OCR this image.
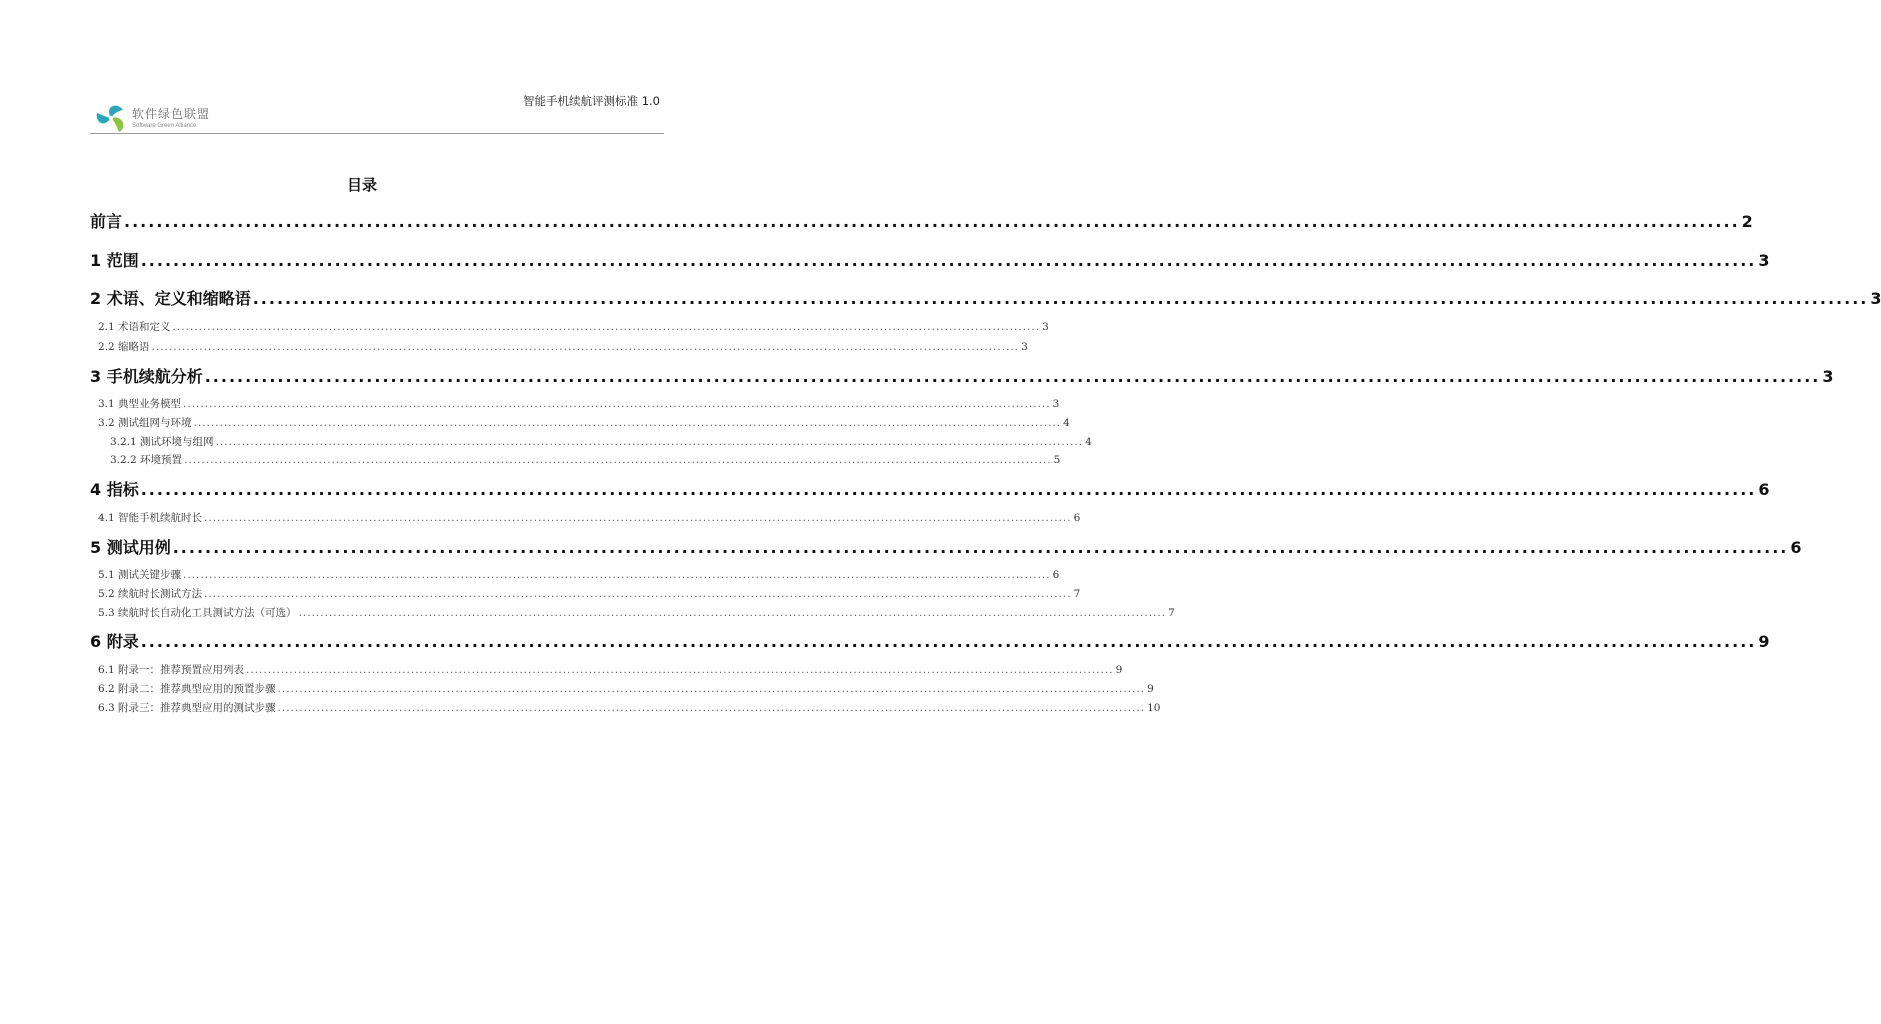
软件绿色联盟
Software Green Alliance
智能手机续航评测标准 1.0
目录
前言 ........................................................................................................................................................................................................ 2
1 范围 ........................................................................................................................................................................................................ 3
2 术语、定义和缩略语 ........................................................................................................................................................................................................ 3
2.1 术语和定义 ........................................................................................................................................................................................................ 3
2.2 缩略语 ........................................................................................................................................................................................................ 3
3 手机续航分析 ........................................................................................................................................................................................................ 3
3.1 典型业务模型 ........................................................................................................................................................................................................ 3
3.2 测试组网与环境 ........................................................................................................................................................................................................ 4
3.2.1 测试环境与组网 ........................................................................................................................................................................................................ 4
3.2.2 环境预置 ........................................................................................................................................................................................................ 5
4 指标 ........................................................................................................................................................................................................ 6
4.1 智能手机续航时长 ........................................................................................................................................................................................................ 6
5 测试用例 ........................................................................................................................................................................................................ 6
5.1 测试关键步骤 ........................................................................................................................................................................................................ 6
5.2 续航时长测试方法 ........................................................................................................................................................................................................ 7
5.3 续航时长自动化工具测试方法（可选） ........................................................................................................................................................................................................ 7
6 附录 ........................................................................................................................................................................................................ 9
6.1 附录一：推荐预置应用列表 ........................................................................................................................................................................................................ 9
6.2 附录二：推荐典型应用的预置步骤 ........................................................................................................................................................................................................ 9
6.3 附录三：推荐典型应用的测试步骤 ........................................................................................................................................................................................................ 10
